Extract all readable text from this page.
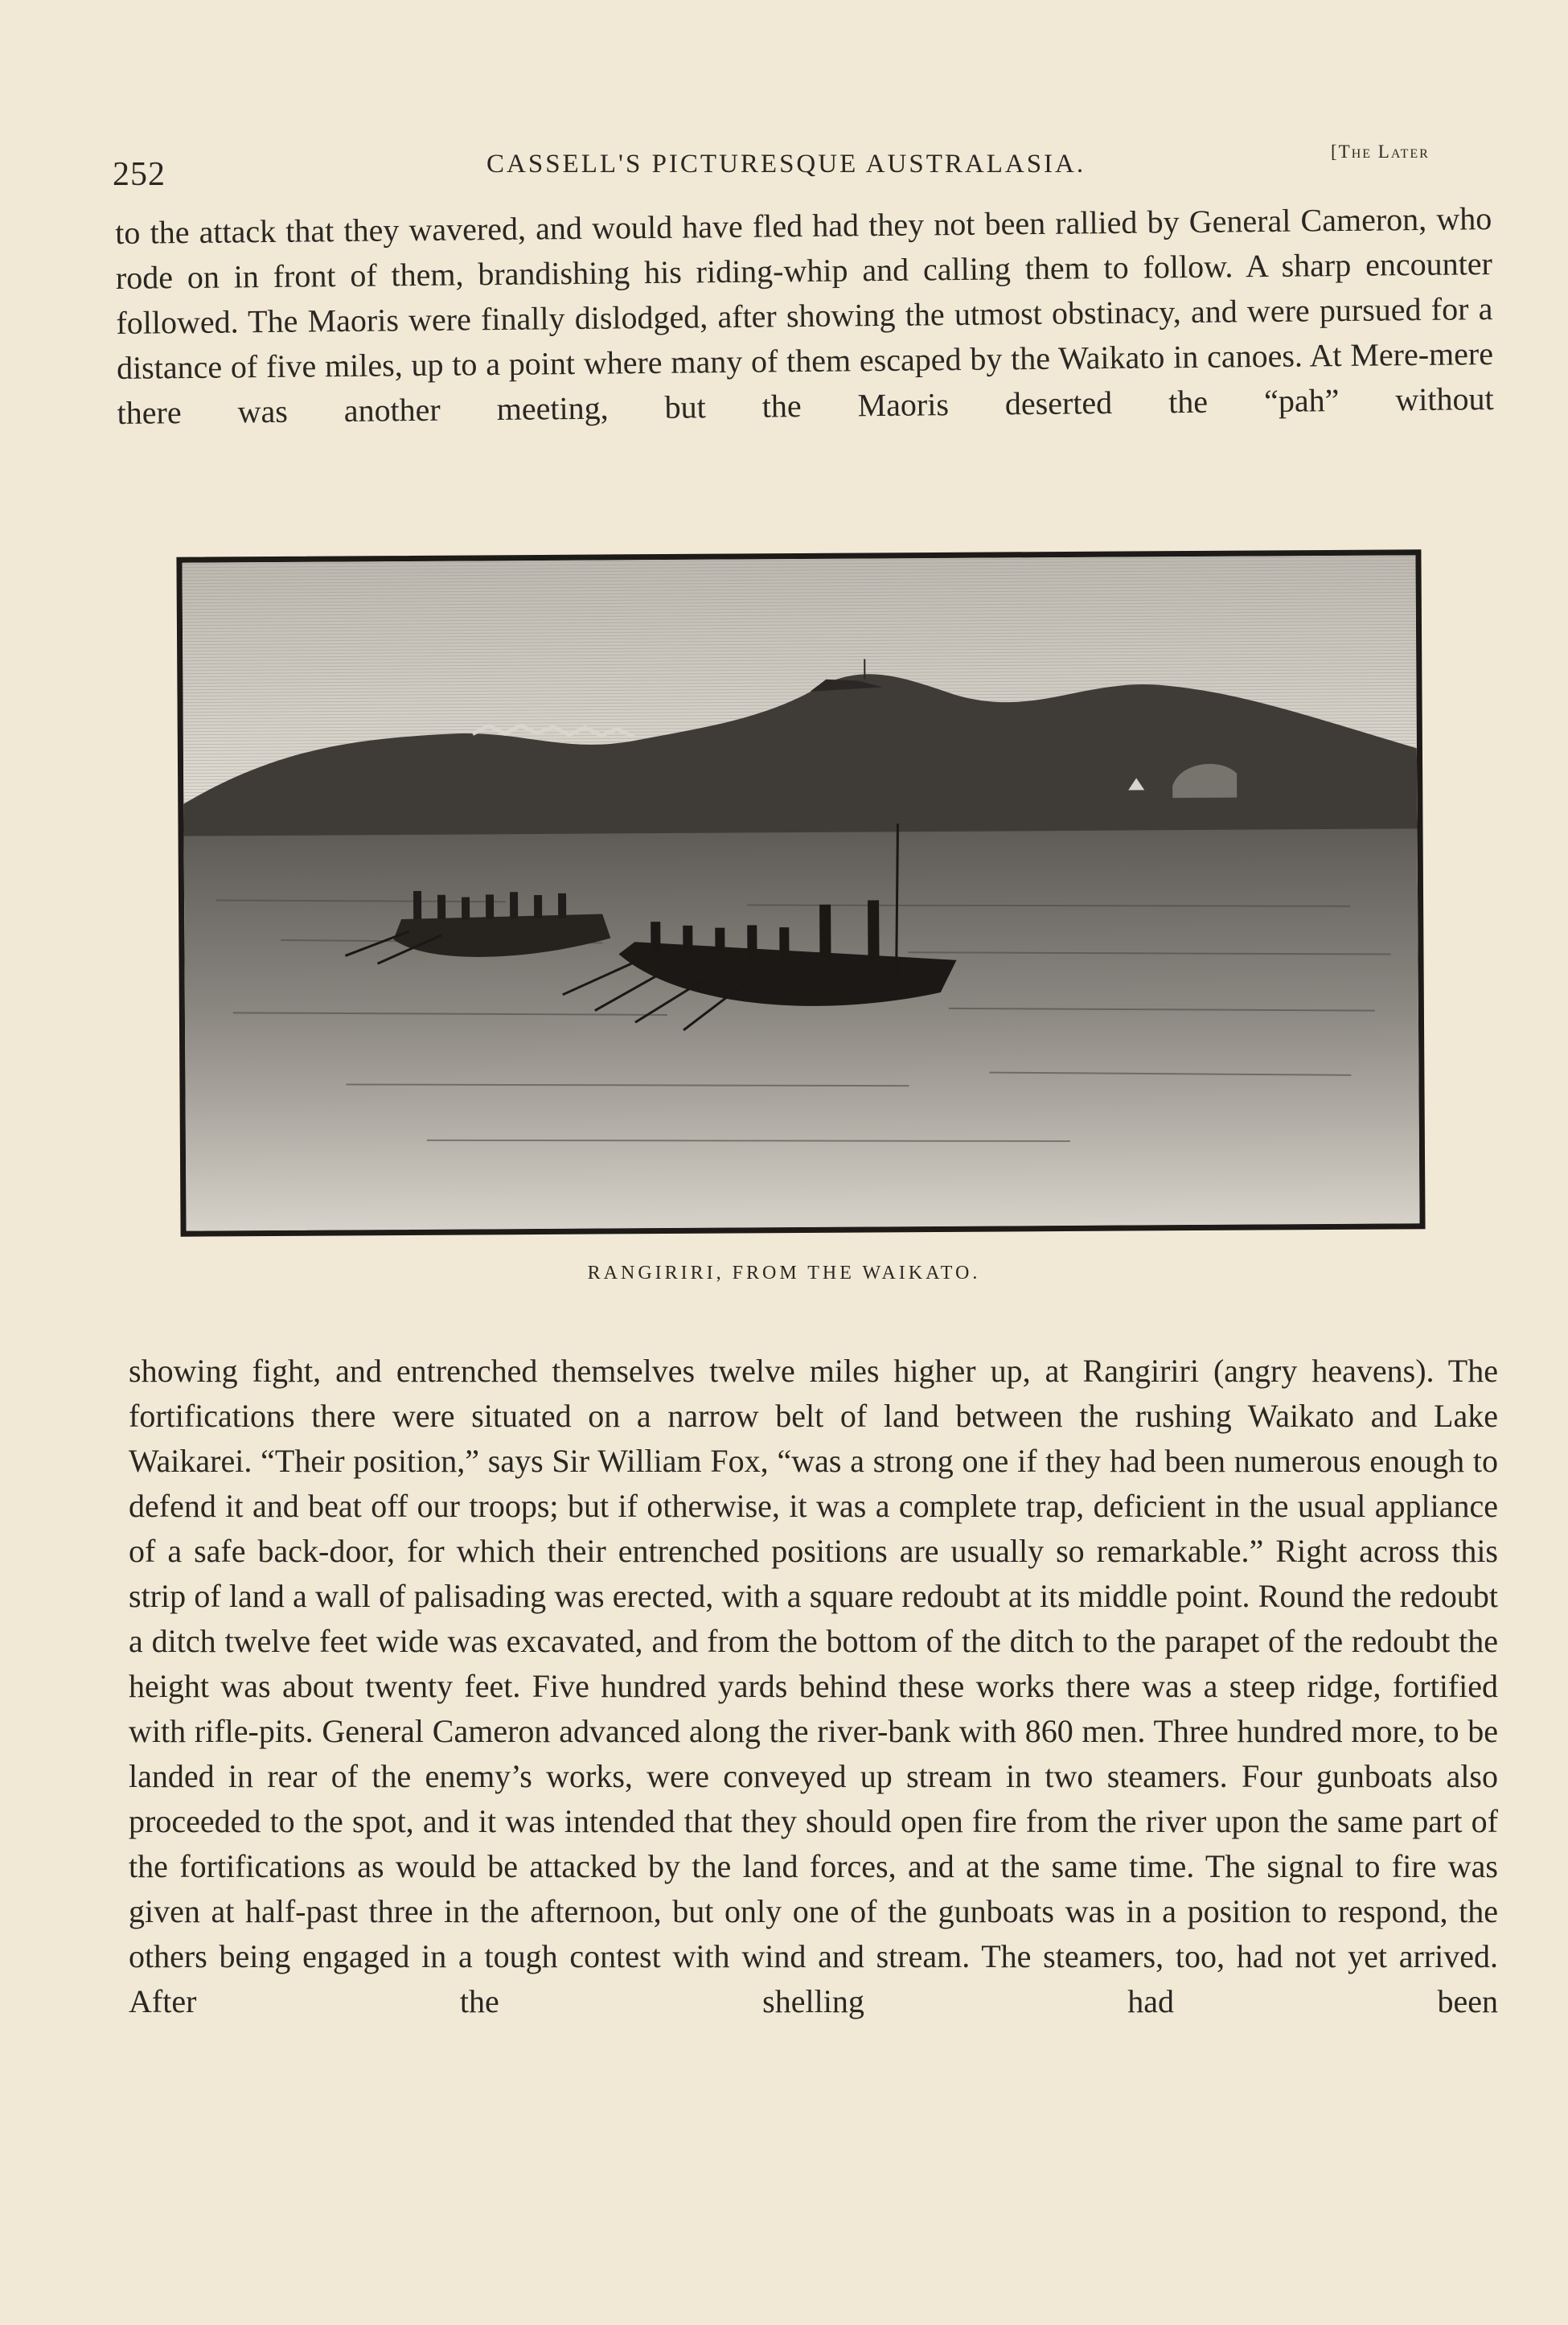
252	CASSELL'S PICTURESQUE AUSTRALASIA.	[The Later

to the attack that they wavered, and would have fled had they not been rallied by General Cameron, who rode on in front of them, brandishing his riding-whip and calling them to follow. A sharp encounter followed. The Maoris were finally dislodged, after showing the utmost obstinacy, and were pursued for a distance of five miles, up to a point where many of them escaped by the Waikato in canoes. At Mere-mere there was another meeting, but the Maoris deserted the “pah” without

RANGIRIRI, FROM THE WAIKATO.

showing fight, and entrenched themselves twelve miles higher up, at Rangiriri (angry heavens). The fortifications there were situated on a narrow belt of land between the rushing Waikato and Lake Waikarei. “Their position,” says Sir William Fox, “was a strong one if they had been numerous enough to defend it and beat off our troops; but if otherwise, it was a complete trap, deficient in the usual appliance of a safe back-door, for which their entrenched positions are usually so remarkable.” Right across this strip of land a wall of palisading was erected, with a square redoubt at its middle point. Round the redoubt a ditch twelve feet wide was excavated, and from the bottom of the ditch to the parapet of the redoubt the height was about twenty feet. Five hundred yards behind these works there was a steep ridge, fortified with rifle-pits. General Cameron advanced along the river-bank with 860 men. Three hundred more, to be landed in rear of the enemy’s works, were conveyed up stream in two steamers. Four gunboats also proceeded to the spot, and it was intended that they should open fire from the river upon the same part of the fortifications as would be attacked by the land forces, and at the same time. The signal to fire was given at half-past three in the afternoon, but only one of the gunboats was in a position to respond, the others being engaged in a tough contest with wind and stream. The steamers, too, had not yet arrived. After the shelling had been
